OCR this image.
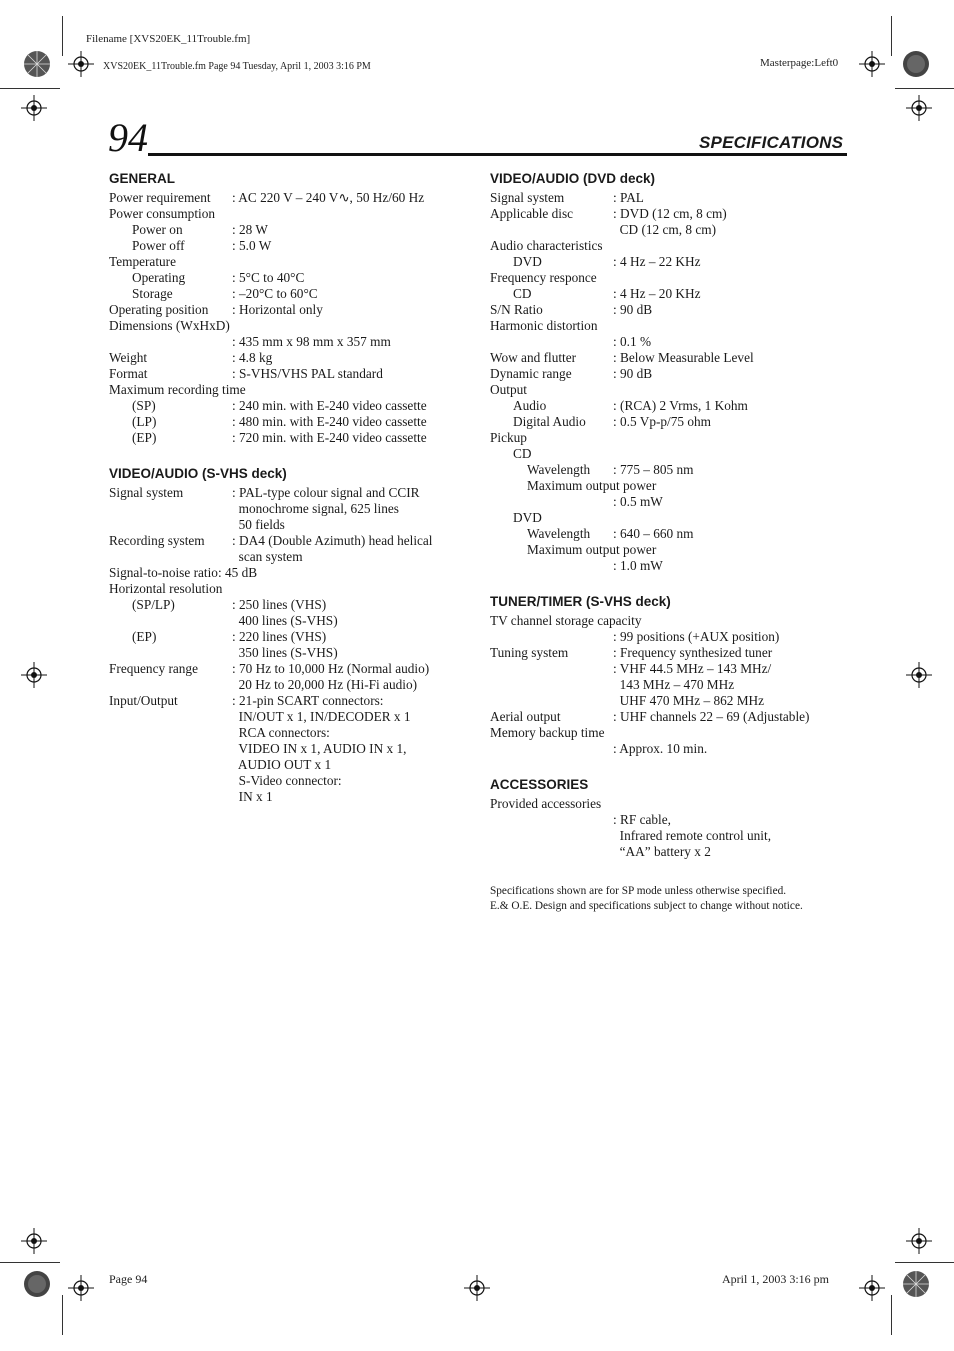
Filename [XVS20EK_11Trouble.fm]
XVS20EK_11Trouble.fm Page 94 Tuesday, April 1, 2003 3:16 PM	Masterpage:Left0
94	SPECIFICATIONS
GENERAL
Power requirement : AC 220 V – 240 V∿, 50 Hz/60 Hz
Power consumption
Power on	: 28 W
Power off	: 5.0 W
Temperature
Operating	: 5°C to 40°C
Storage	: –20°C to 60°C
Operating position : Horizontal only
Dimensions (WxHxD)
: 435 mm x 98 mm x 357 mm
Weight	: 4.8 kg
Format	: S-VHS/VHS PAL standard
Maximum recording time
(SP)	: 240 min. with E-240 video cassette
(LP)	: 480 min. with E-240 video cassette
(EP)	: 720 min. with E-240 video cassette
VIDEO/AUDIO (S-VHS deck)
Signal system	: PAL-type colour signal and CCIR
monochrome signal, 625 lines
50 fields
Recording system : DA4 (Double Azimuth) head helical
scan system
Signal-to-noise ratio: 45 dB
Horizontal resolution
(SP/LP)	: 250 lines (VHS)
400 lines (S-VHS)
(EP)	: 220 lines (VHS)
350 lines (S-VHS)
Frequency range	: 70 Hz to 10,000 Hz (Normal audio)
20 Hz to 20,000 Hz (Hi-Fi audio)
Input/Output	: 21-pin SCART connectors:
IN/OUT x 1, IN/DECODER x 1
RCA connectors:
VIDEO IN x 1, AUDIO IN x 1,
AUDIO OUT x 1
S-Video connector:
IN x 1
VIDEO/AUDIO (DVD deck)
Signal system	: PAL
Applicable disc	: DVD (12 cm, 8 cm)
CD (12 cm, 8 cm)
Audio characteristics
DVD	: 4 Hz – 22 KHz
Frequency responce
CD	: 4 Hz – 20 KHz
S/N Ratio	: 90 dB
Harmonic distortion
: 0.1 %
Wow and flutter	: Below Measurable Level
Dynamic range	: 90 dB
Output
Audio	: (RCA) 2 Vrms, 1 Kohm
Digital Audio : 0.5 Vp-p/75 ohm
Pickup
CD
Wavelength : 775 – 805 nm
Maximum output power
: 0.5 mW
DVD
Wavelength : 640 – 660 nm
Maximum output power
: 1.0 mW
TUNER/TIMER (S-VHS deck)
TV channel storage capacity
: 99 positions (+AUX position)
Tuning system	: Frequency synthesized tuner
: VHF 44.5 MHz – 143 MHz/
143 MHz – 470 MHz
UHF 470 MHz – 862 MHz
Aerial output	: UHF channels 22 – 69 (Adjustable)
Memory backup time
: Approx. 10 min.
ACCESSORIES
Provided accessories
: RF cable,
Infrared remote control unit,
“AA” battery x 2
Specifications shown are for SP mode unless otherwise specified.
E.& O.E. Design and specifications subject to change without notice.
Page 94	April 1, 2003 3:16 pm
